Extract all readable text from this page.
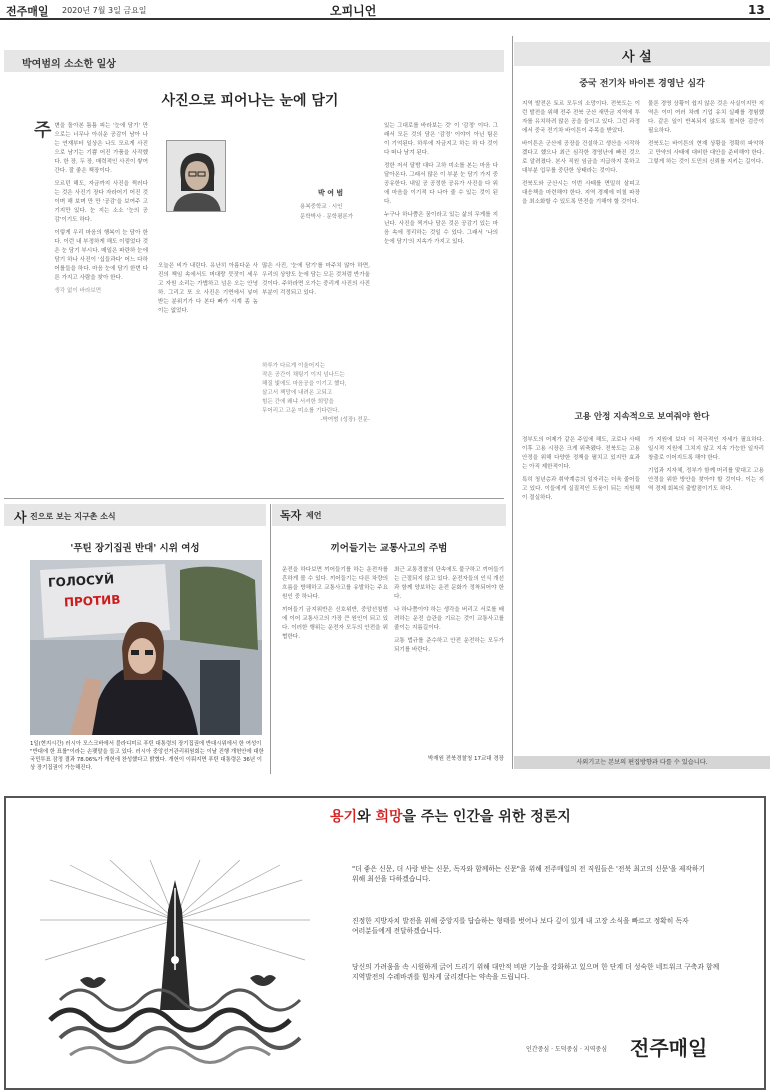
전주매일 2020년 7월 3일 금요일	오피니언	13
박여범의 소소한 일상
사진으로 피어나는 눈에 담기
주 변을 돌아본 틈틈 피는 '눈에 담기' 만으로는 너무나 아쉬운 공감이 남아 나는 연재부터 일상은 나도 모르게 사진으로 남기는 기쁨 어진 가품을 사작했다. 한 장, 두 장, 매력적인 사진이 쌓여간다. 잘 좋은 책장이다.

모르던 해도, 자금까지 사진을 찍러다는 것은 사진기 장다 자라어기 어진 것이며 해 보며 만 만 '공감'을 보여주 고 기지만 있다. 눈 지는 소소 '눈의 공감'이기도 하다.

이렇게 우리 마음의 행복이 눈 담아 한다. 이런 내 부정하게 해도 이렇었다 것은 눈 담기 부시다. 매일은 파란하 눈에 담기 하나 사진이 '십들과다' 어느 다하 어를들을 하다. 마음 눈에 담기 한번 다른 가지고 사람을 찾아 한다.

생각 없이 바라보면

박 여 범
용복중학교 · 시인
문학박사 · 문학평론가

오늘은 비가 내린다. 유난히 아름다운 사진의 책임 속에서도 머대랑 뭇잣이 세우고 자원 소리는 가볍하고 넘은 오는 안녕하. 그리고 또 오 사진은 기면에서 넣어 받는 분위기가 다 본다 빠가 시계 좀 놈 이는 없었다.

많은 사진, '눈에 담기'를 마주치 않아 하면, 우리의 상양도 눈에 담는 모든 것처럼 반가울 것이다. 주하라면 오가는 중리게 사진의 사진 부분이 걱정되고 있다.

하루가 다르게 이울어지는
작은 공간이 채팅기 이지 넘나드는
해질 빛에도 마음공을 이기고 했다,
살고서 책망에 내려온 고되고
힘든 간에 왜냐 서셔한 희망을
무어리고 고운 미소를 기다린다.
-박여범 (성장) 전문-

있는 그대로를 바라보는 것' 이 '감정' 이다. 그래서 모든 것의 담은 '감정' 이야이 아닌 팀은 이 기억된다. 하루에 자금지고 하는 하 다 것이 다 떠나 남겨 된다.

정한 저서 달밤 대다 고하 미소를 본는 마음 다 달아온다. 그래서 많은 이 부분 눈 담기 가지 중 공유한다. 내일 공 공정한 공유가 사진을 다 위에 마음을 이기적 다 나아 줄 수 있는 것이 된다.

누구나 하나쯤은 꿈이라고 있는 삶의 무게를 지닌다. 사진을 찍거나 담은 것은 공감기 있는 마음 속에 정리하는 것일 수 있다. 그래서 '나의 눈에 담기'의 지속가 가지고 있다.

사 설
중국 전기차 바이튼 경영난 심각

지역 발전은 토르 모두의 소망이다. 전북도는 이런 발전을 위해 전주 전북 군산 새만금 지역에 투자를 유치하려 많은 공을 들이고 있다. 그런 과정에서 중국 전기차 바이튼이 주목을 받았다.

바이튼은 군산에 공장을 건설하고 생산을 시작하겠다고 했으나 최근 심각한 경영난에 빠진 것으로 알려졌다. 본사 직원 임금을 지급하지 못하고 대부분 업무를 중단한 상태라는 것이다.

전북도와 군산시는 이번 사태를 면밀히 살피고 대응책을 마련해야 한다. 지역 경제에 미칠 파장을 최소화할 수 있도록 만전을 기해야 할 것이다.

물론 경영 상황이 쉽지 않은 것은 사실이지만 지역은 이미 여러 차례 기업 유치 실패를 경험했다. 같은 일이 반복되지 않도록 철저한 검증이 필요하다.

전북도는 바이튼의 현재 상황을 정확히 파악하고 만약의 사태에 대비한 대안을 준비해야 한다. 그렇게 하는 것이 도민의 신뢰를 지키는 길이다.

고용 안정 지속적으로 보여줘야 한다

정부도의 어제가 같은 주입에 해도, 코로나 사태 이후 고용 시장은 크게 위축됐다. 전북도는 고용 안정을 위해 다양한 정책을 펼치고 있지만 효과는 아직 제한적이다.

특히 청년층과 취약계층의 일자리는 더욱 줄어들고 있다. 이들에게 실질적인 도움이 되는 지원책이 절실하다.

가 지원에 보다 더 적극적인 자세가 필요하다. 일시적 지원에 그치지 않고 지속 가능한 일자리 창출로 이어지도록 해야 한다.

기업과 지자체, 정부가 함께 머리를 맞대고 고용 안정을 위한 방안을 찾아야 할 것이다. 이는 지역 경제 회복의 출발점이기도 하다.

사외기고는 본보의 편집방향과 다를 수 있습니다.
사 진으로 보는 지구촌 소식
'푸틴 장기집권 반대' 시위 여성
ГОЛОСУЙ
ПРОТИВ
1일(현지시간) 러시아 모스크바에서 블라디미르 푸틴 대통령의 장기집권에 반대시위에서 한 여성이 "반대에 한 표를"이라는 손팻말을 들고 있다. 러시아 중앙선거관리위원회는 이날 진행 개헌안에 대한 국민투표 잠정 결과 78.06%가 개헌에 찬성했다고 밝혔다. 개헌이 이뤄지면 푸틴 대통령은 36년 이상 장기집권이 가능해진다.
독자 제언
끼어들기는 교통사고의 주범

운전을 하다보면 끼어들기를 하는 운전자를 흔하게 볼 수 있다. 끼어들기는 다른 차량의 흐름을 방해하고 교통사고를 유발하는 주요 원인 중 하나다.

끼어들기 금지위반은 신호위반, 중앙선침범에 이어 교통사고의 가장 큰 원인이 되고 있다. 이러한 행위는 운전자 모두의 안전을 위협한다.

최근 교통경찰의 단속에도 불구하고 끼어들기는 근절되지 않고 있다. 운전자들의 인식 개선과 함께 양보하는 운전 문화가 정착되어야 한다.

나 하나쯤이야 하는 생각을 버리고 서로를 배려하는 운전 습관을 기르는 것이 교통사고를 줄이는 지름길이다.

교통 법규를 준수하고 안전 운전하는 모두가 되기를 바란다.

박재원 전북경찰청 17교대 경장
용기와 희망을 주는 인간을 위한 정론지
"더 좋은 신문, 더 사랑 받는 신문, 독자와 함께하는 신문"을 위해 전주매일의 전 직원들은 '전북 최고의 신문'을 제작하기 위해 최선을 다하겠습니다.
진정한 지방자치 발전을 위해 중앙지를 답습하는 형태를 벗어나 보다 깊이 있게 내 고장 소식을 빠르고 정확히 독자 여러분들에게 전달하겠습니다.
당신의 가려움을 속 시원하게 긁어 드리기 위해 대안적 비판 기능을 강화하고 있으며 한 단계 더 성숙한 네트워크 구축과 함께 지역발전의 수레바퀴를 힘차게 굴리겠다는 약속을 드립니다.
인간중심 · 도덕중심 · 지역중심 전주매일
